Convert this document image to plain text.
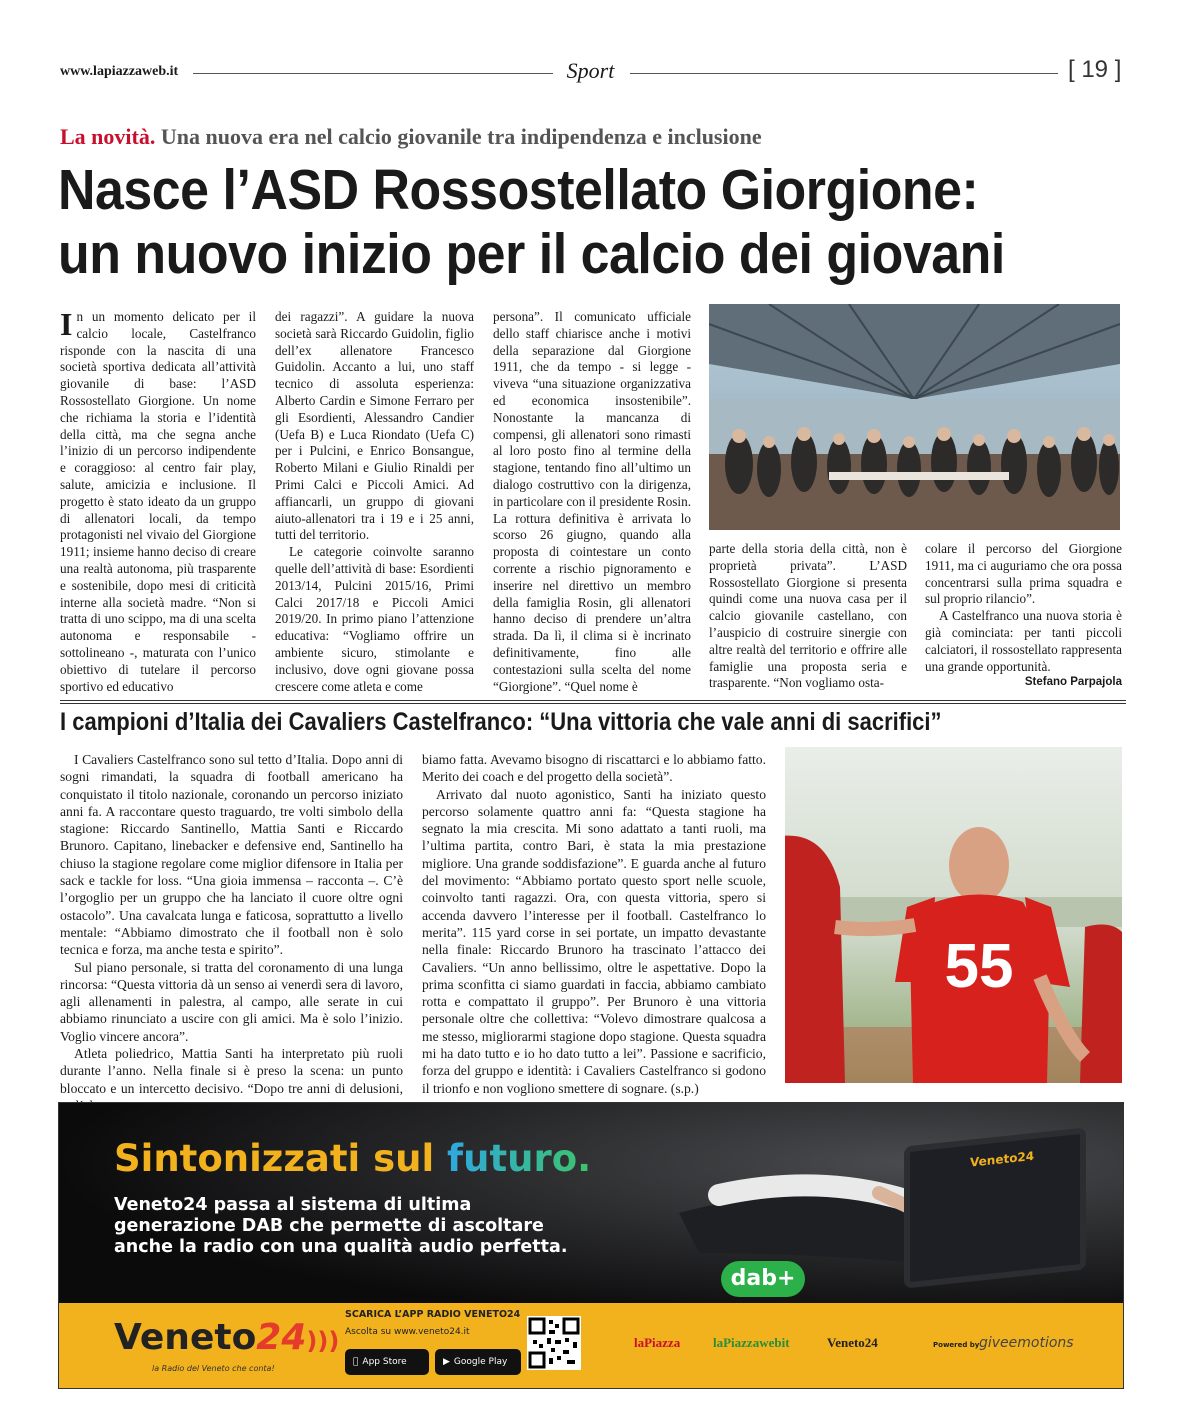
www.lapiazzaweb.it	Sport	[ 19 ]
La novità. Una nuova era nel calcio giovanile tra indipendenza e inclusione
Nasce l’ASD Rossostellato Giorgione:
un nuovo inizio per il calcio dei giovani

In un momento delicato per il calcio locale, Castelfranco risponde con la nascita di una società sportiva dedicata all’attività giovanile di base: l’ASD Rossostellato Giorgione. Un nome che richiama la storia e l’identità della città, ma che segna anche l’inizio di un percorso indipendente e coraggioso: al centro fair play, salute, amicizia e inclusione. Il progetto è stato ideato da un gruppo di allenatori locali, da tempo protagonisti nel vivaio del Giorgione 1911; insieme hanno deciso di creare una realtà autonoma, più trasparente e sostenibile, dopo mesi di criticità interne alla società madre. “Non si tratta di uno scippo, ma di una scelta autonoma e responsabile - sottolineano -, maturata con l’unico obiettivo di tutelare il percorso sportivo ed educativo

dei ragazzi”. A guidare la nuova società sarà Riccardo Guidolin, figlio dell’ex allenatore Francesco Guidolin. Accanto a lui, uno staff tecnico di assoluta esperienza: Alberto Cardin e Simone Ferraro per gli Esordienti, Alessandro Candier (Uefa B) e Luca Riondato (Uefa C) per i Pulcini, e Enrico Bonsangue, Roberto Milani e Giulio Rinaldi per Primi Calci e Piccoli Amici. Ad affiancarli, un gruppo di giovani aiuto-allenatori tra i 19 e i 25 anni, tutti del territorio.

Le categorie coinvolte saranno quelle dell’attività di base: Esordienti 2013/14, Pulcini 2015/16, Primi Calci 2017/18 e Piccoli Amici 2019/20. In primo piano l’attenzione educativa: “Vogliamo offrire un ambiente sicuro, stimolante e inclusivo, dove ogni giovane possa crescere come atleta e come

persona”. Il comunicato ufficiale dello staff chiarisce anche i motivi della separazione dal Giorgione 1911, che da tempo - si legge - viveva “una situazione organizzativa ed economica insostenibile”. Nonostante la mancanza di compensi, gli allenatori sono rimasti al loro posto fino al termine della stagione, tentando fino all’ultimo un dialogo costruttivo con la dirigenza, in particolare con il presidente Rosin. La rottura definitiva è arrivata lo scorso 26 giugno, quando alla proposta di cointestare un conto corrente a rischio pignoramento e inserire nel direttivo un membro della famiglia Rosin, gli allenatori hanno deciso di prendere un’altra strada. Da lì, il clima si è incrinato definitivamente, fino alle contestazioni sulla scelta del nome “Giorgione”. “Quel nome è

parte della storia della città, non è proprietà privata”. L’ASD Rossostellato Giorgione si presenta quindi come una nuova casa per il calcio giovanile castellano, con l’auspicio di costruire sinergie con altre realtà del territorio e offrire alle famiglie una proposta seria e trasparente. “Non vogliamo osta-

colare il percorso del Giorgione 1911, ma ci auguriamo che ora possa concentrarsi sulla prima squadra e sul proprio rilancio”.

A Castelfranco una nuova storia è già cominciata: per tanti piccoli calciatori, il rossostellato rappresenta una grande opportunità.

Stefano Parpajola
I campioni d’Italia dei Cavaliers Castelfranco: “Una vittoria che vale anni di sacrifici”

I Cavaliers Castelfranco sono sul tetto d’Italia. Dopo anni di sogni rimandati, la squadra di football americano ha conquistato il titolo nazionale, coronando un percorso iniziato anni fa. A raccontare questo traguardo, tre volti simbolo della stagione: Riccardo Santinello, Mattia Santi e Riccardo Brunoro. Capitano, linebacker e defensive end, Santinello ha chiuso la stagione regolare come miglior difensore in Italia per sack e tackle for loss. “Una gioia immensa – racconta –. C’è l’orgoglio per un gruppo che ha lanciato il cuore oltre ogni ostacolo”. Una cavalcata lunga e faticosa, soprattutto a livello mentale: “Abbiamo dimostrato che il football non è solo tecnica e forza, ma anche testa e spirito”.

Sul piano personale, si tratta del coronamento di una lunga rincorsa: “Questa vittoria dà un senso ai venerdì sera di lavoro, agli allenamenti in palestra, al campo, alle serate in cui abbiamo rinunciato a uscire con gli amici. Ma è solo l’inizio. Voglio vincere ancora”.

Atleta poliedrico, Mattia Santi ha interpretato più ruoli durante l’anno. Nella finale si è preso la scena: un punto bloccato e un intercetto decisivo. “Dopo tre anni di delusioni,

biamo fatta. Avevamo bisogno di riscattarci e lo abbiamo fatto. Merito dei coach e del progetto della società”.

Arrivato dal nuoto agonistico, Santi ha iniziato questo percorso solamente quattro anni fa: “Questa stagione ha segnato la mia crescita. Mi sono adattato a tanti ruoli, ma l’ultima partita, contro Bari, è stata la mia prestazione migliore. Una grande soddisfazione”. E guarda anche al futuro del movimento: “Abbiamo portato questo sport nelle scuole, coinvolto tanti ragazzi. Ora, con questa vittoria, spero si accenda davvero l’interesse per il football. Castelfranco lo merita”. 115 yard corse in sei portate, un impatto devastante nella finale: Riccardo Brunoro ha trascinato l’attacco dei Cavaliers. “Un anno bellissimo, oltre le aspettative. Dopo la prima sconfitta ci siamo guardati in faccia, abbiamo cambiato rotta e compattato il gruppo”. Per Brunoro è una vittoria personale oltre che collettiva: “Volevo dimostrare qualcosa a me stesso, migliorarmi stagione dopo stagione. Questa squadra mi ha dato tutto e io ho dato tutto a lei”. Passione e sacrificio, forza del gruppo e identità: i Cavaliers Castelfranco si godono il trionfo e non vogliono smettere di sognare. (s.p.)

55
Veneto24
Sintonizzati sul futuro.
Veneto24 passa al sistema di ultima generazione DAB che permette di ascoltare anche la radio con una qualità audio perfetta.
dab+
Veneto24)))
la Radio del Veneto che conta!
SCARICA L’APP RADIO VENETO24
Ascolta su www.veneto24.it
App Store	▶ Google Play
laPiazza	laPiazzawebit	Veneto24	Powered by giveemotions
